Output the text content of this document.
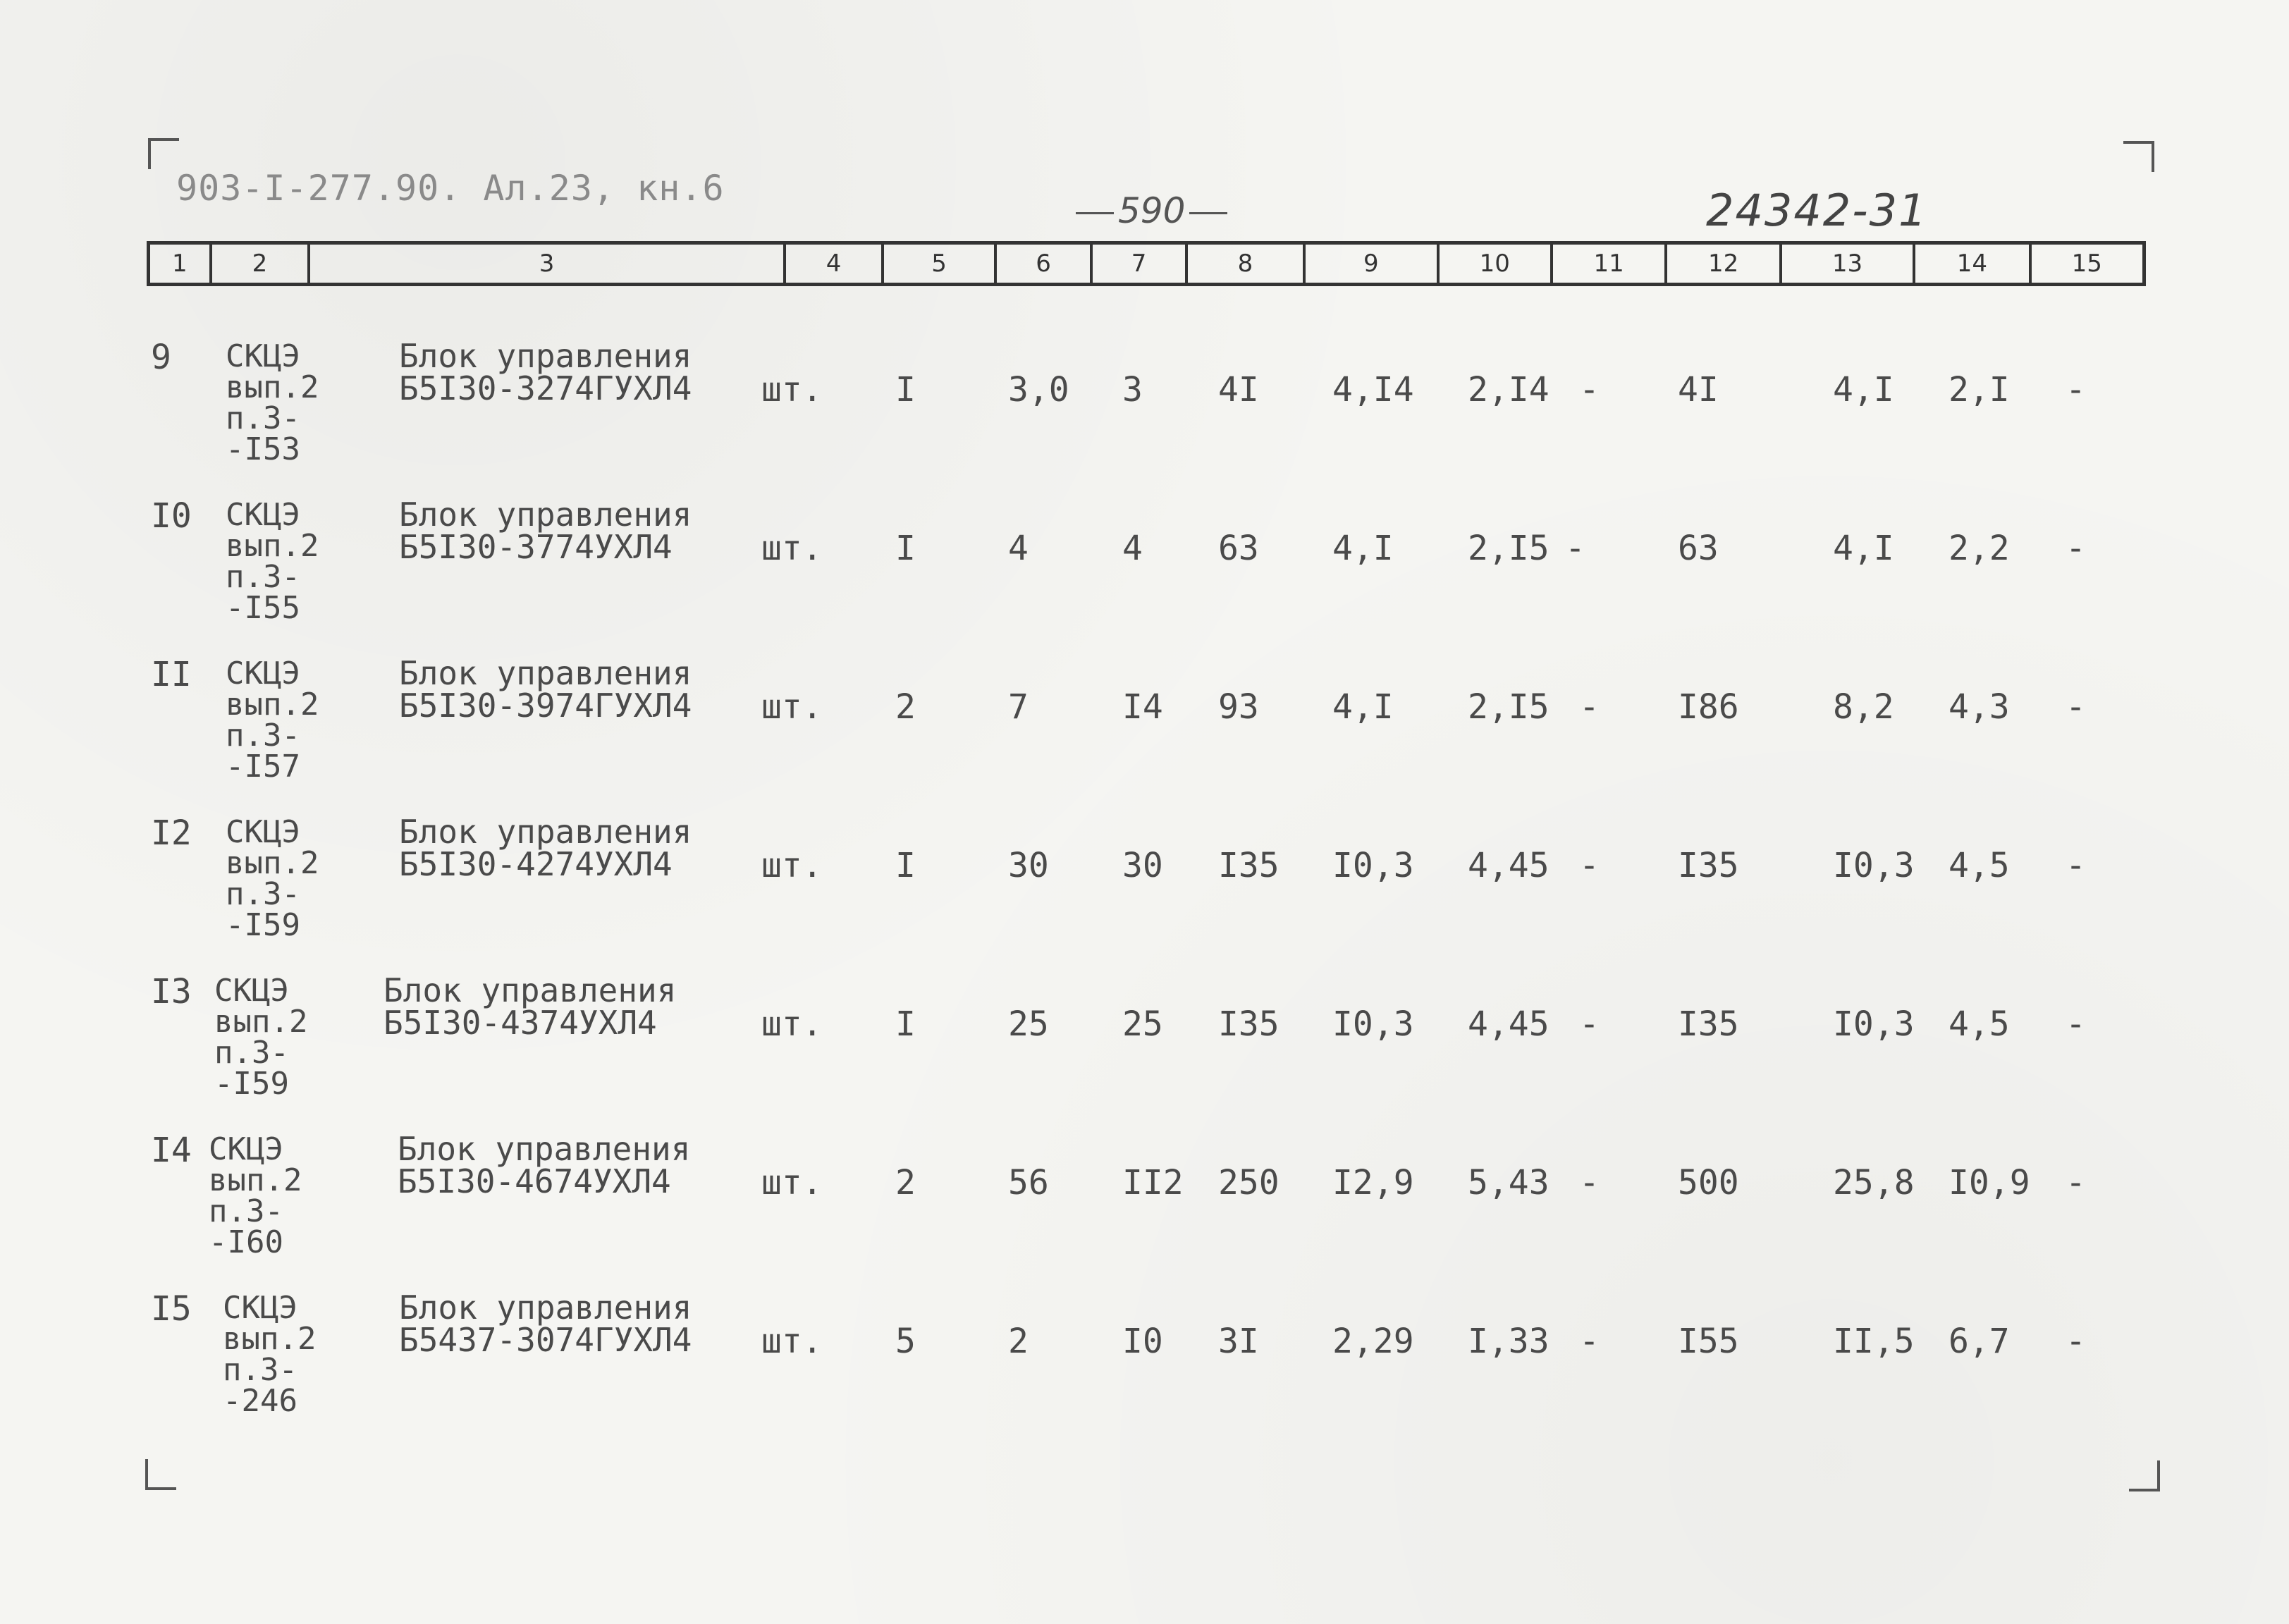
903-I-277.90. Ал.23, кн.6
590	24342-31
1	2	3	4	5	6	7	8	9	10	11	12	13	14	15
9 СКЦЭ
вып.2
п.3-
-I53
Блок управления
Б5I30-3274ГУХЛ4 шт. I	3,0 3 4I 4,I4 2,I4 - 4I	4,I 2,I -
I0 СКЦЭ
вып.2
п.3-
-I55
Блок управления
Б5I30-3774УХЛ4	шт. I	4	4 63 4,I 2,I5 -	63	4,I 2,2 -
II СКЦЭ
вып.2
п.3-
-I57
Блок управления
Б5I30-3974ГУХЛ4 шт. 2	7	I4 93 4,I 2,I5 - I86	8,2 4,3 -
I2 СКЦЭ
вып.2
п.3-
-I59
Блок управления
Б5I30-4274УХЛ4	шт. I	30 30 I35 I0,3 4,45 - I35	I0,3 4,5 -
I3 СКЦЭ
вып.2
п.3-
-I59
Блок управления
Б5I30-4374УХЛ4	шт. I	25 25 I35 I0,3 4,45 - I35	I0,3 4,5 -
I4 СКЦЭ
вып.2
п.3-
-I60
Блок управления
Б5I30-4674УХЛ4	шт. 2	56 II2 250 I2,9 5,43 - 500	25,8 I0,9 -
I5 СКЦЭ
вып.2
п.3-
-246
Блок управления
Б5437-3074ГУХЛ4 шт. 5	2	I0 3I 2,29 I,33 - I55	II,5 6,7 -
